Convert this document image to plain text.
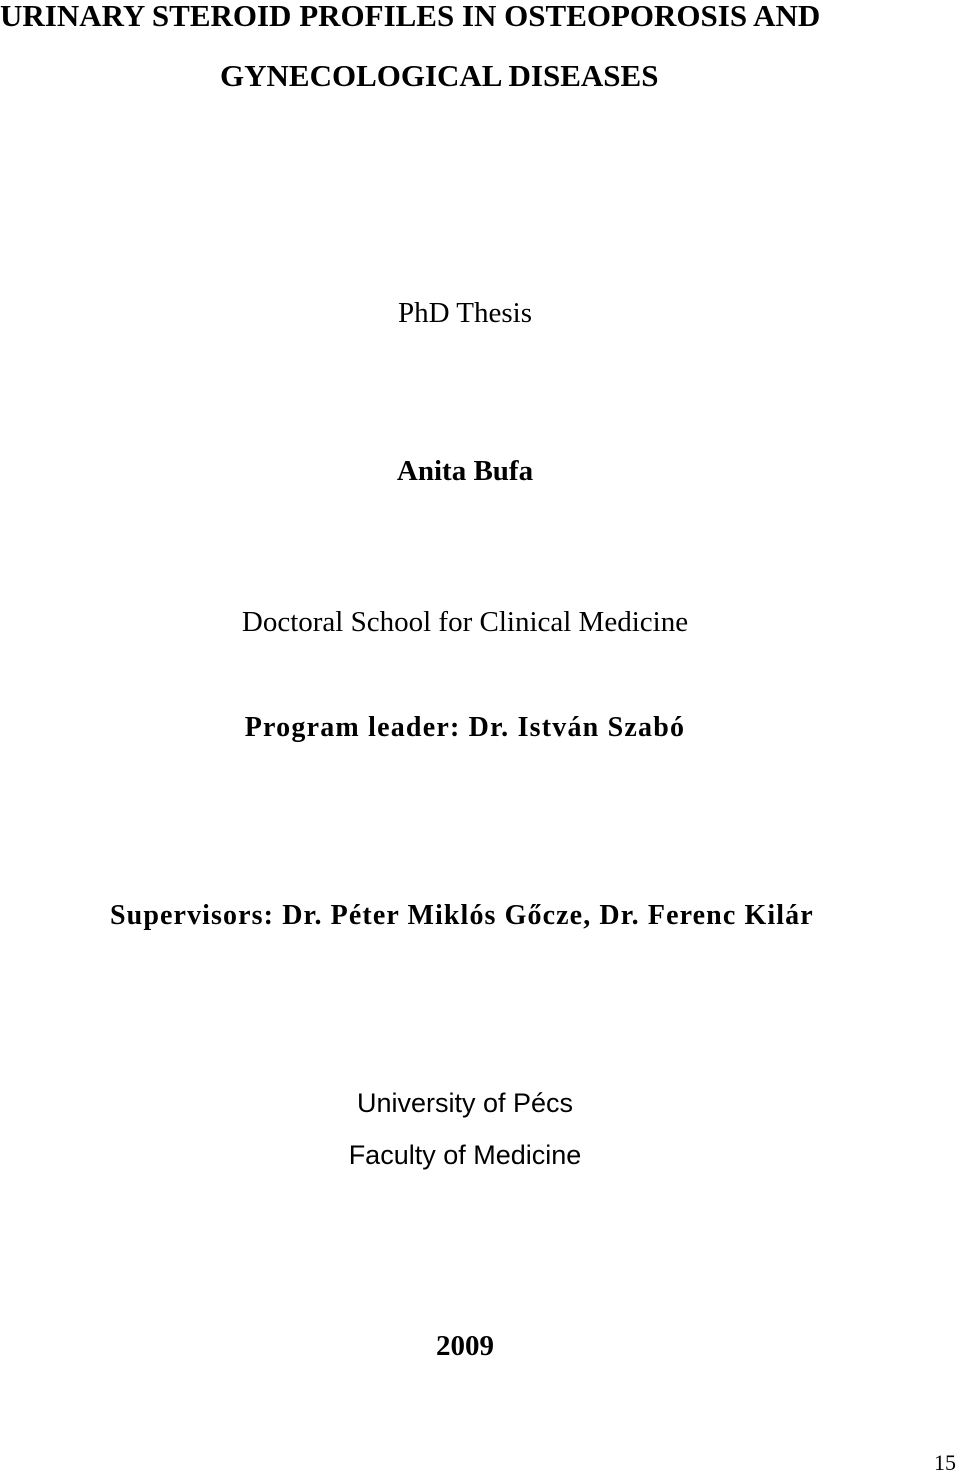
URINARY STEROID PROFILES IN OSTEOPOROSIS AND
GYNECOLOGICAL DISEASES
PhD Thesis
Anita Bufa
Doctoral School for Clinical Medicine
Program leader: Dr. István Szabó
Supervisors: Dr. Péter Miklós Gőcze, Dr. Ferenc Kilár
University of Pécs
Faculty of Medicine
2009
15
